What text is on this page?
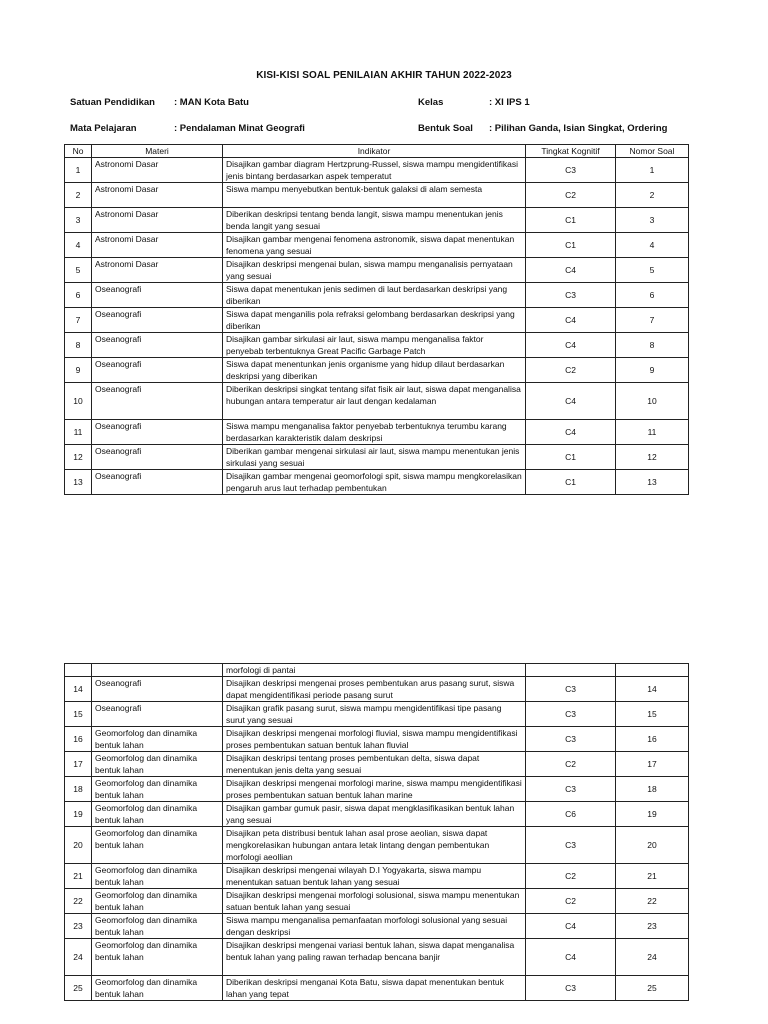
KISI-KISI SOAL PENILAIAN AKHIR TAHUN 2022-2023
Satuan Pendidikan : MAN Kota Batu	Kelas	: XI IPS 1
Mata Pelajaran	: Pendalaman Minat Geografi	Bentuk Soal : Pilihan Ganda, Isian Singkat, Ordering
No	Materi	Indikator	Tingkat Kognitif	Nomor Soal
1	Astronomi Dasar	Disajikan gambar diagram Hertzprung-Russel, siswa mampu mengidentifikasi jenis bintang berdasarkan aspek temperatut	C3	1
2	Astronomi Dasar	Siswa mampu menyebutkan bentuk-bentuk galaksi di alam semesta	C2	2
3	Astronomi Dasar	Diberikan deskripsi tentang benda langit, siswa mampu menentukan jenis benda langit yang sesuai	C1	3
4	Astronomi Dasar	Disajikan gambar mengenai fenomena astronomik, siswa dapat menentukan fenomena yang sesuai	C1	4
5	Astronomi Dasar	Disajikan deskripsi mengenai bulan, siswa mampu menganalisis pernyataan yang sesuai	C4	5
6	Oseanografi	Siswa dapat menentukan jenis sedimen di laut berdasarkan deskripsi yang diberikan	C3	6
7	Oseanografi	Siswa dapat menganilis pola refraksi gelombang berdasarkan deskripsi yang diberikan	C4	7
8	Oseanografi	Disajikan gambar sirkulasi air laut, siswa mampu menganalisa faktor penyebab terbentuknya Great Pacific Garbage Patch	C4	8
9	Oseanografi	Siswa dapat menentunkan jenis organisme yang hidup dilaut berdasarkan deskripsi yang diberikan	C2	9
10	Oseanografi	Diberikan deskripsi singkat tentang sifat fisik air laut, siswa dapat menganalisa hubungan antara temperatur air laut dengan kedalaman	C4	10
11	Oseanografi	Siswa mampu menganalisa faktor penyebab terbentuknya terumbu karang berdasarkan karakteristik dalam deskripsi	C4	11
12	Oseanografi	Diberikan gambar mengenai sirkulasi air laut, siswa mampu menentukan jenis sirkulasi yang sesuai	C1	12
13	Oseanografi	Disajikan gambar mengenai geomorfologi spit, siswa mampu mengkorelasikan pengaruh arus laut terhadap pembentukan	C1	13
		morfologi di pantai		
14	Oseanografi	Disajikan deskripsi mengenai proses pembentukan arus pasang surut, siswa dapat mengidentifikasi periode pasang surut	C3	14
15	Oseanografi	Disajikan grafik pasang surut, siswa mampu mengidentifikasi tipe pasang surut yang sesuai	C3	15
16	Geomorfolog dan dinamika bentuk lahan	Disajikan deskripsi mengenai morfologi fluvial, siswa mampu mengidentifikasi proses pembentukan satuan bentuk lahan fluvial	C3	16
17	Geomorfolog dan dinamika bentuk lahan	Disajikan deskripsi tentang proses pembentukan delta, siswa dapat menentukan jenis delta yang sesuai	C2	17
18	Geomorfolog dan dinamika bentuk lahan	Disajikan deskripsi mengenai morfologi marine, siswa mampu mengidentifikasi proses pembentukan satuan bentuk lahan marine	C3	18
19	Geomorfolog dan dinamika bentuk lahan	Disajikan gambar gumuk pasir, siswa dapat mengklasifikasikan bentuk lahan yang sesuai	C6	19
20	Geomorfolog dan dinamika bentuk lahan	Disajikan peta distribusi bentuk lahan asal prose aeolian, siswa dapat mengkorelasikan hubungan antara letak lintang dengan pembentukan morfologi aeollian	C3	20
21	Geomorfolog dan dinamika bentuk lahan	Disajikan deskripsi mengenai wilayah D.I Yogyakarta, siswa mampu menentukan satuan bentuk lahan yang sesuai	C2	21
22	Geomorfolog dan dinamika bentuk lahan	Disajikan deskripsi mengenai morfologi solusional, siswa mampu menentukan satuan bentuk lahan yang sesuai	C2	22
23	Geomorfolog dan dinamika bentuk lahan	Siswa mampu menganalisa pemanfaatan morfologi solusional yang sesuai dengan deskripsi	C4	23
24	Geomorfolog dan dinamika bentuk lahan	Disajikan deskripsi mengenai variasi bentuk lahan, siswa dapat menganalisa bentuk lahan yang paling rawan terhadap bencana banjir	C4	24
25	Geomorfolog dan dinamika bentuk lahan	Diberikan deskripsi menganai Kota Batu, siswa dapat menentukan bentuk lahan yang tepat	C3	25
